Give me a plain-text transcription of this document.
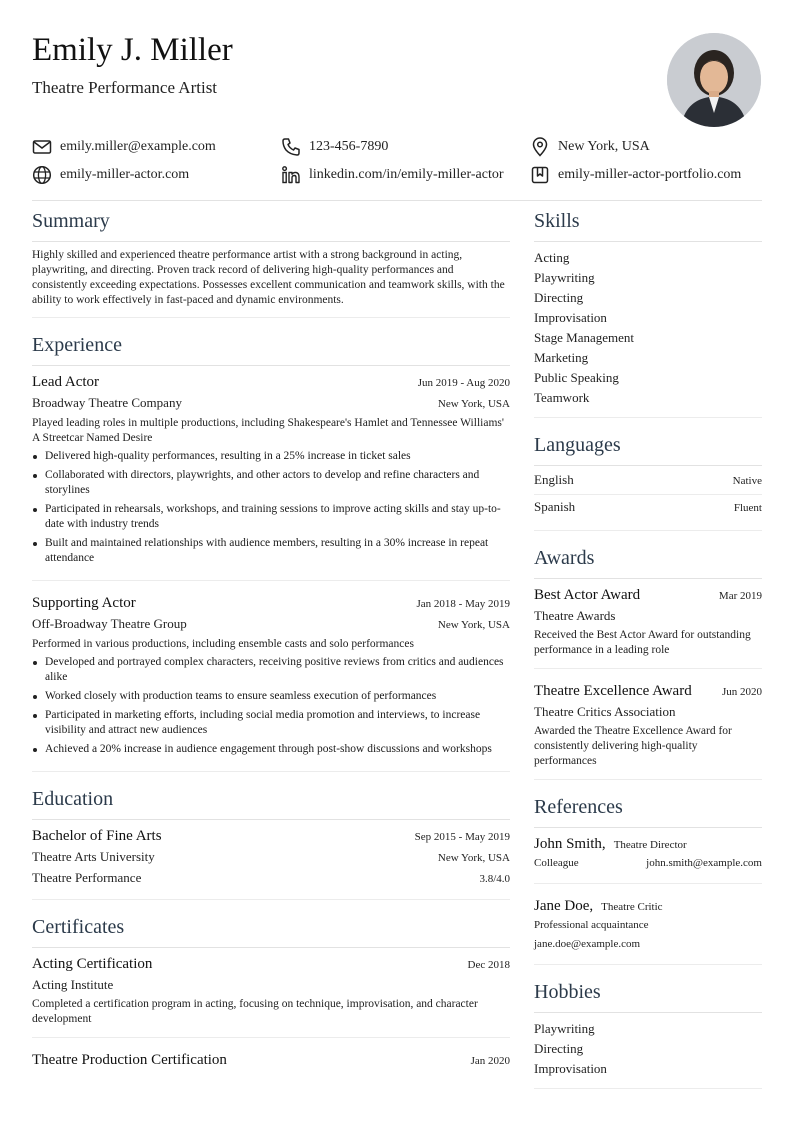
Emily J. Miller
Theatre Performance Artist
emily.miller@example.com	123-456-7890	New York, USA
emily-miller-actor.com	linkedin.com/in/emily-miller-actor	emily-miller-actor-portfolio.com
Summary

Highly skilled and experienced theatre performance artist with a strong background in acting, playwriting, and directing. Proven track record of delivering high-quality performances and consistently exceeding expectations. Possesses excellent communication and teamwork skills, with the ability to work effectively in fast-paced and dynamic environments.

Experience
Lead Actor	Jun 2019 - Aug 2020
Broadway Theatre Company	New York, USA

Played leading roles in multiple productions, including Shakespeare's Hamlet and Tennessee Williams' A Streetcar Named Desire

Delivered high-quality performances, resulting in a 25% increase in ticket sales
Collaborated with directors, playwrights, and other actors to develop and refine characters and storylines
Participated in rehearsals, workshops, and training sessions to improve acting skills and stay up-to-date with industry trends
Built and maintained relationships with audience members, resulting in a 30% increase in repeat attendance
Supporting Actor	Jan 2018 - May 2019
Off-Broadway Theatre Group	New York, USA

Performed in various productions, including ensemble casts and solo performances

Developed and portrayed complex characters, receiving positive reviews from critics and audiences alike
Worked closely with production teams to ensure seamless execution of performances
Participated in marketing efforts, including social media promotion and interviews, to increase visibility and attract new audiences
Achieved a 20% increase in audience engagement through post-show discussions and workshops
Education
Bachelor of Fine Arts	Sep 2015 - May 2019
Theatre Arts University	New York, USA
Theatre Performance	3.8/4.0
Certificates
Acting Certification	Dec 2018
Acting Institute

Completed a certification program in acting, focusing on technique, improvisation, and character development

Theatre Production Certification	Jan 2020
Skills
Acting
Playwriting
Directing
Improvisation
Stage Management
Marketing
Public Speaking
Teamwork
Languages
English	Native
Spanish	Fluent
Awards
Best Actor Award	Mar 2019
Theatre Awards

Received the Best Actor Award for outstanding performance in a leading role

Theatre Excellence Award	Jun 2020
Theatre Critics Association

Awarded the Theatre Excellence Award for consistently delivering high-quality performances

References
John Smith, Theatre Director
Colleague	john.smith@example.com
Jane Doe, Theatre Critic
Professional acquaintance
jane.doe@example.com
Hobbies
Playwriting
Directing
Improvisation
